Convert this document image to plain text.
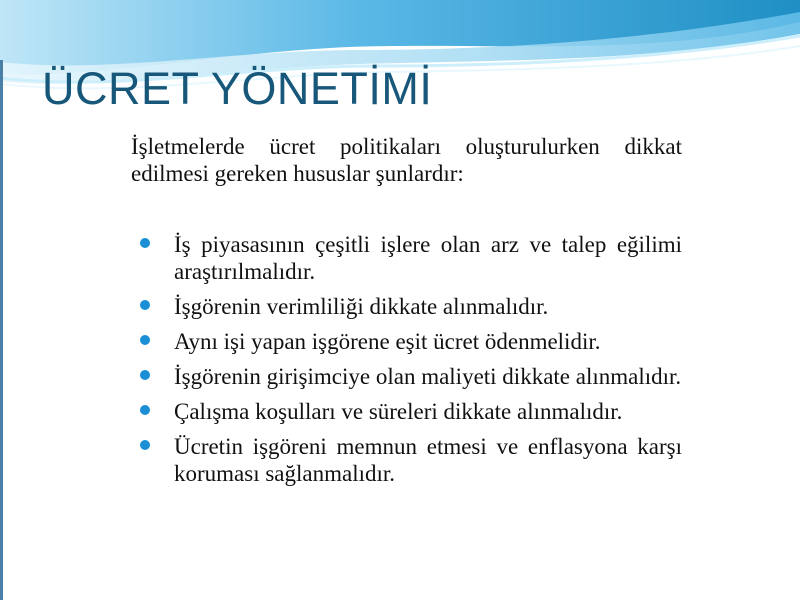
ÜCRET YÖNETİMİ

İşletmelerde ücret politikaları oluşturulurken dikkat edilmesi gereken hususlar şunlardır:

İş piyasasının çeşitli işlere olan arz ve talep eğilimi araştırılmalıdır.
İşgörenin verimliliği dikkate alınmalıdır.
Aynı işi yapan işgörene eşit ücret ödenmelidir.
İşgörenin girişimciye olan maliyeti dikkate alınmalıdır.
Çalışma koşulları ve süreleri dikkate alınmalıdır.
Ücretin işgöreni memnun etmesi ve enflasyona karşı koruması sağlanmalıdır.
